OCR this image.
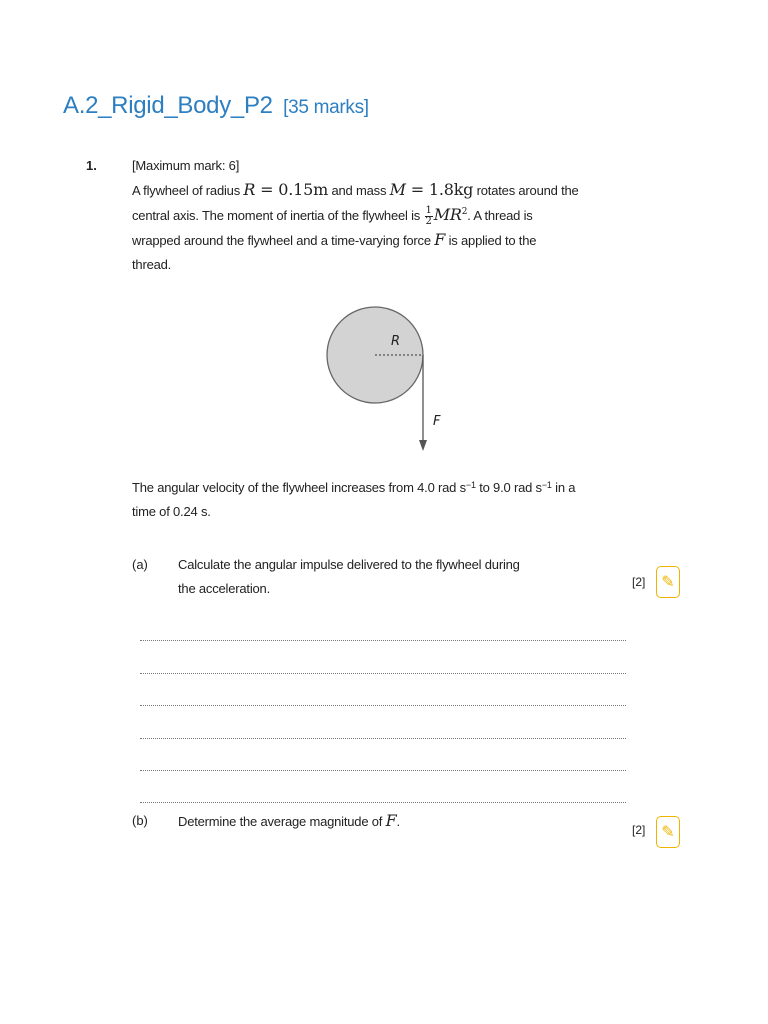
A.2_Rigid_Body_P2 [35 marks]
1.	[Maximum mark: 6]
A flywheel of radius R = 0.15m and mass M = 1.8kg rotates around the
central axis. The moment of inertia of the flywheel is $\frac{1}{2} MR^2$. A thread is
wrapped around the flywheel and a time-varying force F is applied to the
thread.
R
F
The angular velocity of the flywheel increases from 4.0 rad $s^{-1}$ to 9.0 rad $s^{-1}$ in a
time of 0.24 s.
(a) Calculate the angular impulse delivered to the flywheel during
the acceleration.	[2] ✎
(b) Determine the average magnitude of F.
[2] ✎
